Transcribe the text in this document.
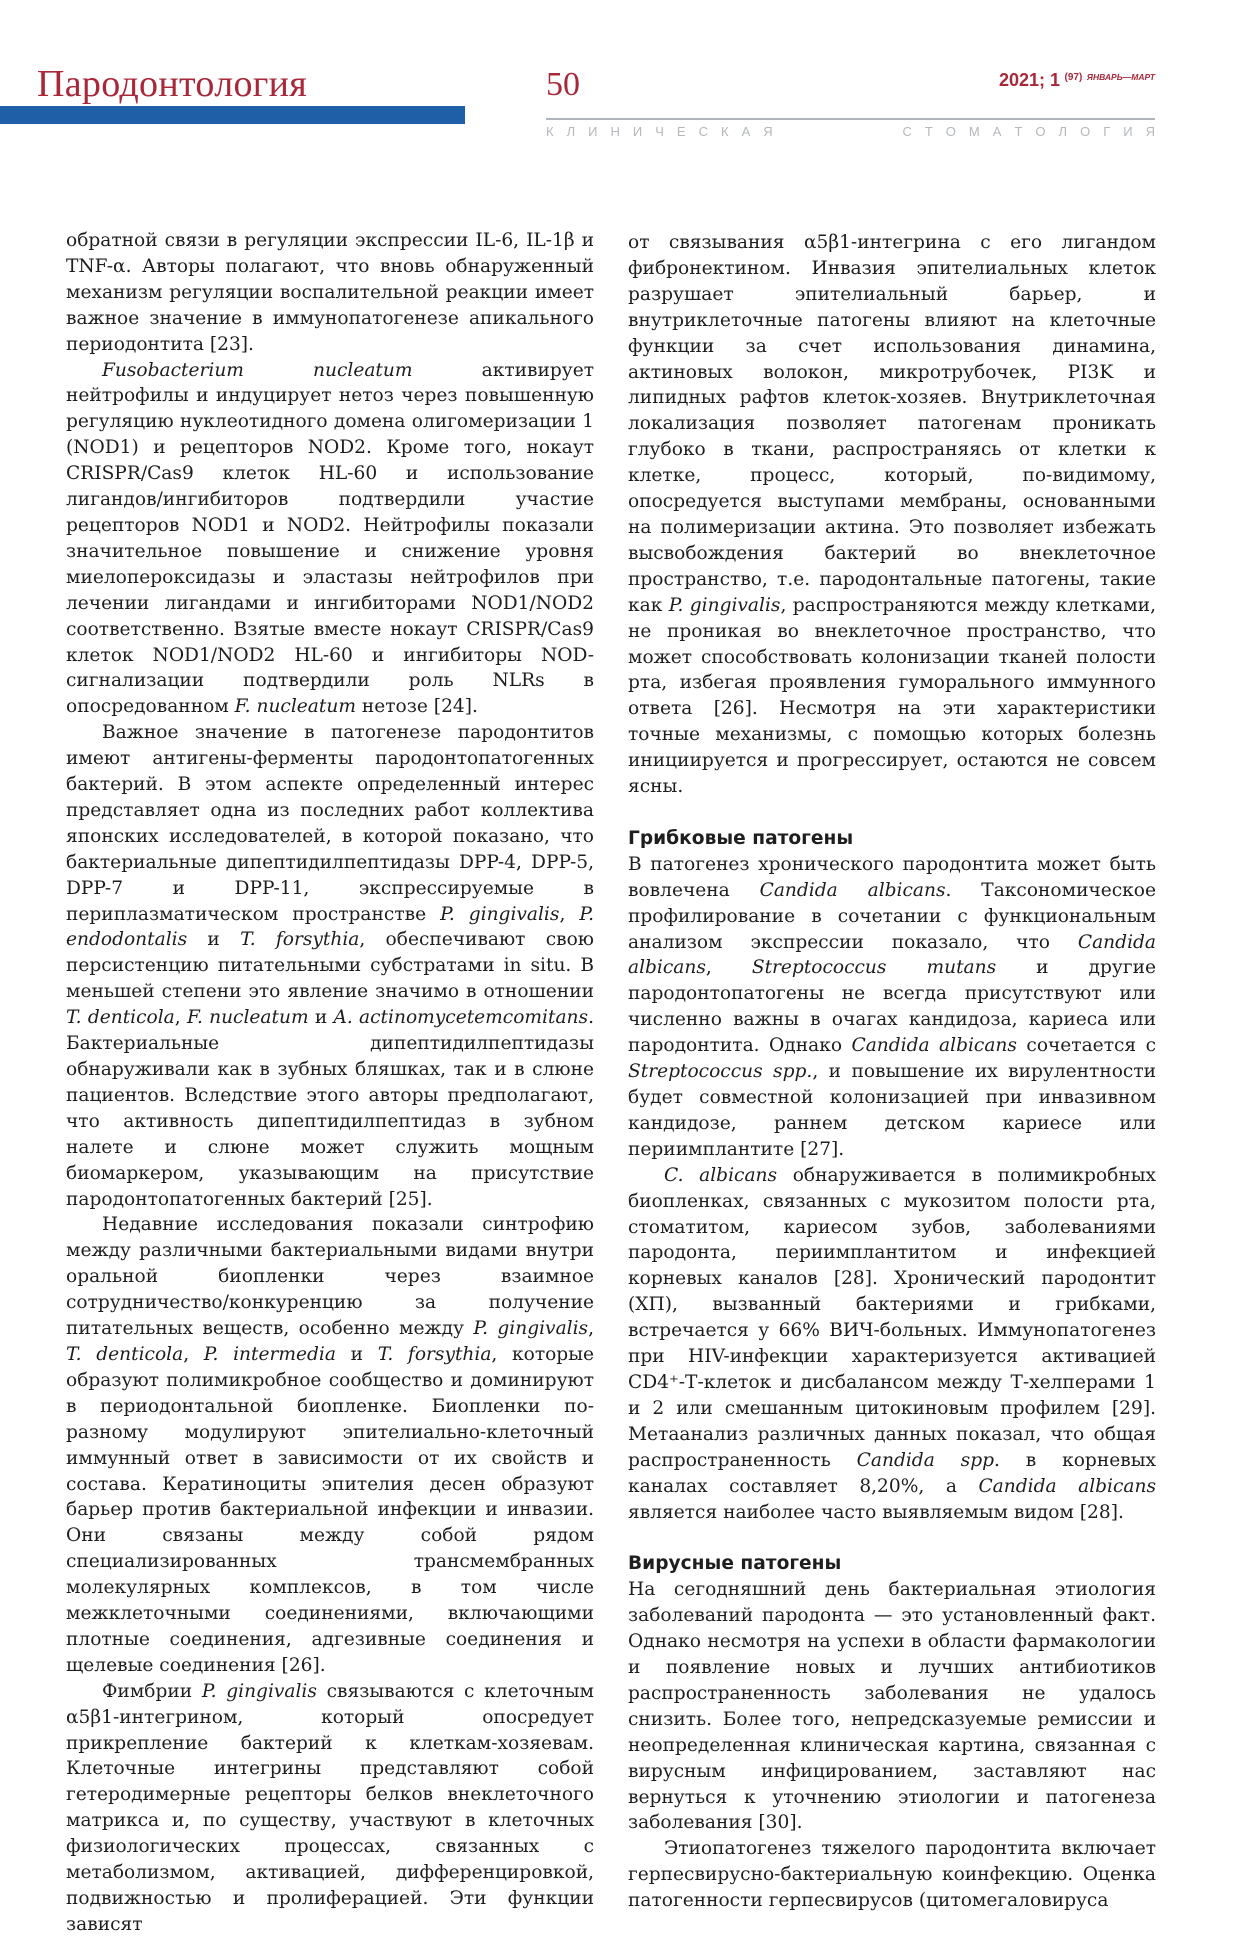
Пародонтология	50	2021; 1 $^{(97)}$ $^{ЯНВАРЬ—МАРТ}$
К     Л     И     Н     И     Ч     Е     С     К     А     Я	С     Т     О     М     А     Т     О     Л     О     Г     И     Я

обратной связи в регуляции экспрессии IL-6, IL-1β и TNF-α. Авторы полагают, что вновь обнаруженный механизм регуляции воспалительной реакции имеет важное значение в иммунопатогенезе апикального периодонтита [23].

Fusobacterium nucleatum активирует нейтрофилы и индуцирует нетоз через повышенную регуляцию нуклеотидного домена олигомеризации 1 (NOD1) и рецепторов NOD2. Кроме того, нокаут CRISPR/Cas9 клеток HL-60 и использование лигандов/ингибиторов подтвердили участие рецепторов NOD1 и NOD2. Нейтрофилы показали значительное повышение и снижение уровня миелопероксидазы и эластазы нейтрофилов при лечении лигандами и ингибиторами NOD1/NOD2 соответственно. Взятые вместе нокаут CRISPR/Cas9 клеток NOD1/NOD2 HL-60 и ингибиторы NOD-сигнализации подтвердили роль NLRs в опосредованном F. nucleatum нетозе [24].

Важное значение в патогенезе пародонтитов имеют антигены-ферменты пародонтопатогенных бактерий. В этом аспекте определенный интерес представляет одна из последних работ коллектива японских исследователей, в которой показано, что бактериальные дипептидилпептидазы DPP-4, DPP-5, DPP-7 и DPP-11, экспрессируемые в периплазматическом пространстве P. gingivalis, P. endodontalis и T. forsythia, обеспечивают свою персистенцию питательными субстратами in situ. В меньшей степени это явление значимо в отношении T. denticola, F. nucleatum и A. actinomycetemcomitans. Бактериальные дипептидилпептидазы обнаруживали как в зубных бляшках, так и в слюне пациентов. Вследствие этого авторы предполагают, что активность дипептидилпептидаз в зубном налете и слюне может служить мощным биомаркером, указывающим на присутствие пародонтопатогенных бактерий [25].

Недавние исследования показали синтрофию между различными бактериальными видами внутри оральной биопленки через взаимное сотрудничество/конкуренцию за получение питательных веществ, особенно между P. gingivalis, T. denticola, P. intermedia и T. forsythia, которые образуют полимикробное сообщество и доминируют в периодонтальной биопленке. Биопленки по-разному модулируют эпителиально-клеточный иммунный ответ в зависимости от их свойств и состава. Кератиноциты эпителия десен образуют барьер против бактериальной инфекции и инвазии. Они связаны между собой рядом специализированных трансмембранных молекулярных комплексов, в том числе межклеточными соединениями, включающими плотные соединения, адгезивные соединения и щелевые соединения [26].

Фимбрии P. gingivalis связываются с клеточным α5β1-интегрином, который опосредует прикрепление бактерий к клеткам-хозяевам. Клеточные интегрины представляют собой гетеродимерные рецепторы белков внеклеточного матрикса и, по существу, участвуют в клеточных физиологических процессах, связанных с метаболизмом, активацией, дифференцировкой, подвижностью и пролиферацией. Эти функции зависят

от связывания α5β1-интегрина с его лигандом фибронектином. Инвазия эпителиальных клеток разрушает эпителиальный барьер, и внутриклеточные патогены влияют на клеточные функции за счет использования динамина, актиновых волокон, микротрубочек, PI3K и липидных рафтов клеток-хозяев. Внутриклеточная локализация позволяет патогенам проникать глубоко в ткани, распространяясь от клетки к клетке, процесс, который, по-видимому, опосредуется выступами мембраны, основанными на полимеризации актина. Это позволяет избежать высвобождения бактерий во внеклеточное пространство, т.е. пародонтальные патогены, такие как P. gingivalis, распространяются между клетками, не проникая во внеклеточное пространство, что может способствовать колонизации тканей полости рта, избегая проявления гуморального иммунного ответа [26]. Несмотря на эти характеристики точные механизмы, с помощью которых болезнь инициируется и прогрессирует, остаются не совсем ясны.

Грибковые патогены

В патогенез хронического пародонтита может быть вовлечена Candida albicans. Таксономическое профилирование в сочетании с функциональным анализом экспрессии показало, что Candida albicans, Streptococcus mutans и другие пародонтопатогены не всегда присутствуют или численно важны в очагах кандидоза, кариеса или пародонтита. Однако Candida albicans сочетается с Streptococcus spp., и повышение их вирулентности будет совместной колонизацией при инвазивном кандидозе, раннем детском кариесе или периимплантите [27].

C. albicans обнаруживается в полимикробных биопленках, связанных с мукозитом полости рта, стоматитом, кариесом зубов, заболеваниями пародонта, периимплантитом и инфекцией корневых каналов [28]. Хронический пародонтит (ХП), вызванный бактериями и грибками, встречается у 66% ВИЧ-больных. Иммунопатогенез при HIV-инфекции характеризуется активацией CD4⁺-Т-клеток и дисбалансом между Т-хелперами 1 и 2 или смешанным цитокиновым профилем [29]. Метаанализ различных данных показал, что общая распространенность Candida spp. в корневых каналах составляет 8,20%, а Candida albicans является наиболее часто выявляемым видом [28].

Вирусные патогены

На сегодняшний день бактериальная этиология заболеваний пародонта — это установленный факт. Однако несмотря на успехи в области фармакологии и появление новых и лучших антибиотиков распространенность заболевания не удалось снизить. Более того, непредсказуемые ремиссии и неопределенная клиническая картина, связанная с вирусным инфицированием, заставляют нас вернуться к уточнению этиологии и патогенеза заболевания [30].

Этиопатогенез тяжелого пародонтита включает герпесвирусно-бактериальную коинфекцию. Оценка патогенности герпесвирусов (цитомегаловируса
